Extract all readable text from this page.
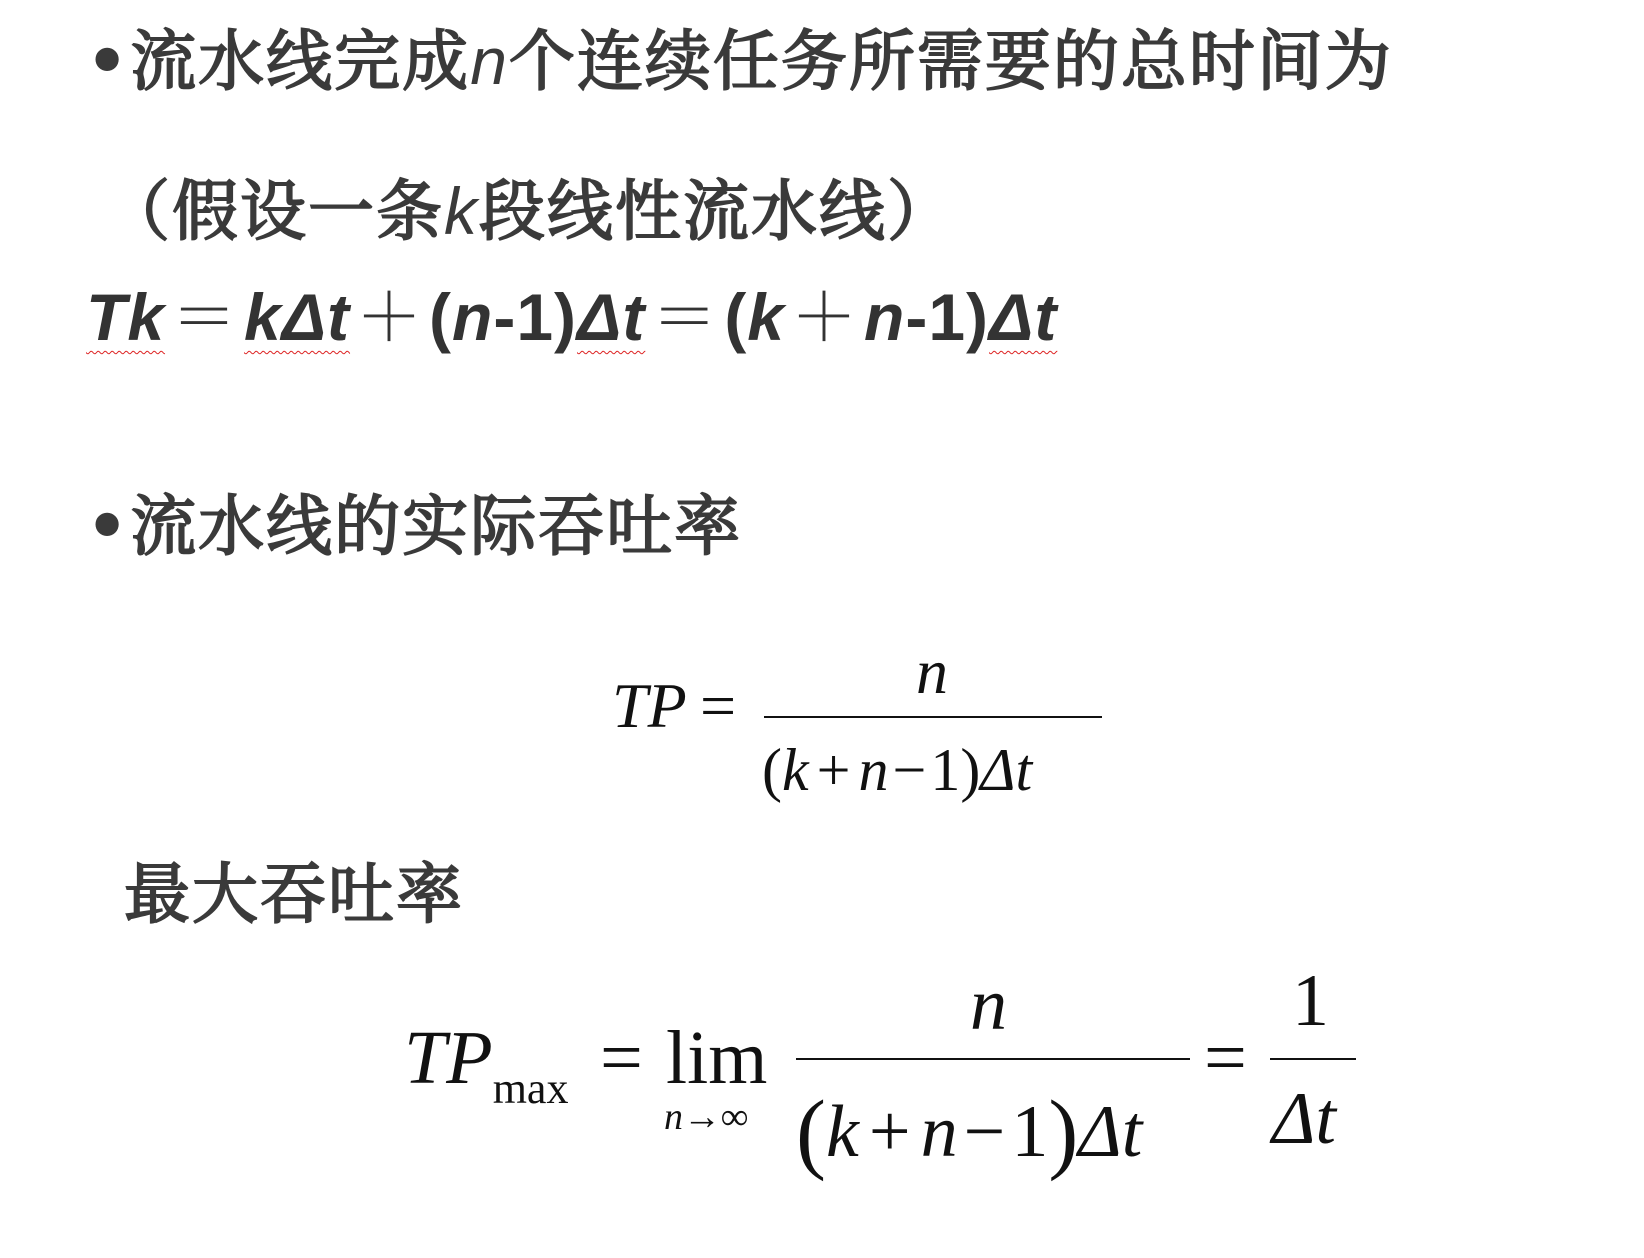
•流水线完成n个连续任务所需要的总时间为
（假设一条k段线性流水线）
Tk＝kΔt＋(n-1)Δt＝(k＋n-1)Δt
•流水线的实际吞吐率
TP =	n
(k + n−1)Δt
最大吞吐率
$TP_{max} = \lim$
n→∞
n
(k + n−1)Δt
=
1
Δt
